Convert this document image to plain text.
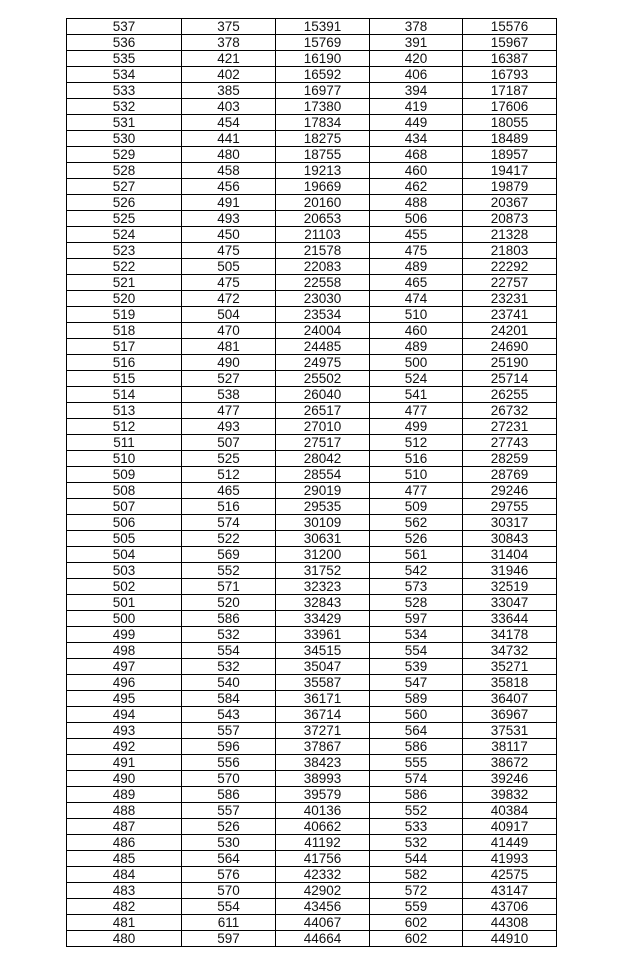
537	375	15391	378	15576
536	378	15769	391	15967
535	421	16190	420	16387
534	402	16592	406	16793
533	385	16977	394	17187
532	403	17380	419	17606
531	454	17834	449	18055
530	441	18275	434	18489
529	480	18755	468	18957
528	458	19213	460	19417
527	456	19669	462	19879
526	491	20160	488	20367
525	493	20653	506	20873
524	450	21103	455	21328
523	475	21578	475	21803
522	505	22083	489	22292
521	475	22558	465	22757
520	472	23030	474	23231
519	504	23534	510	23741
518	470	24004	460	24201
517	481	24485	489	24690
516	490	24975	500	25190
515	527	25502	524	25714
514	538	26040	541	26255
513	477	26517	477	26732
512	493	27010	499	27231
511	507	27517	512	27743
510	525	28042	516	28259
509	512	28554	510	28769
508	465	29019	477	29246
507	516	29535	509	29755
506	574	30109	562	30317
505	522	30631	526	30843
504	569	31200	561	31404
503	552	31752	542	31946
502	571	32323	573	32519
501	520	32843	528	33047
500	586	33429	597	33644
499	532	33961	534	34178
498	554	34515	554	34732
497	532	35047	539	35271
496	540	35587	547	35818
495	584	36171	589	36407
494	543	36714	560	36967
493	557	37271	564	37531
492	596	37867	586	38117
491	556	38423	555	38672
490	570	38993	574	39246
489	586	39579	586	39832
488	557	40136	552	40384
487	526	40662	533	40917
486	530	41192	532	41449
485	564	41756	544	41993
484	576	42332	582	42575
483	570	42902	572	43147
482	554	43456	559	43706
481	611	44067	602	44308
480	597	44664	602	44910
